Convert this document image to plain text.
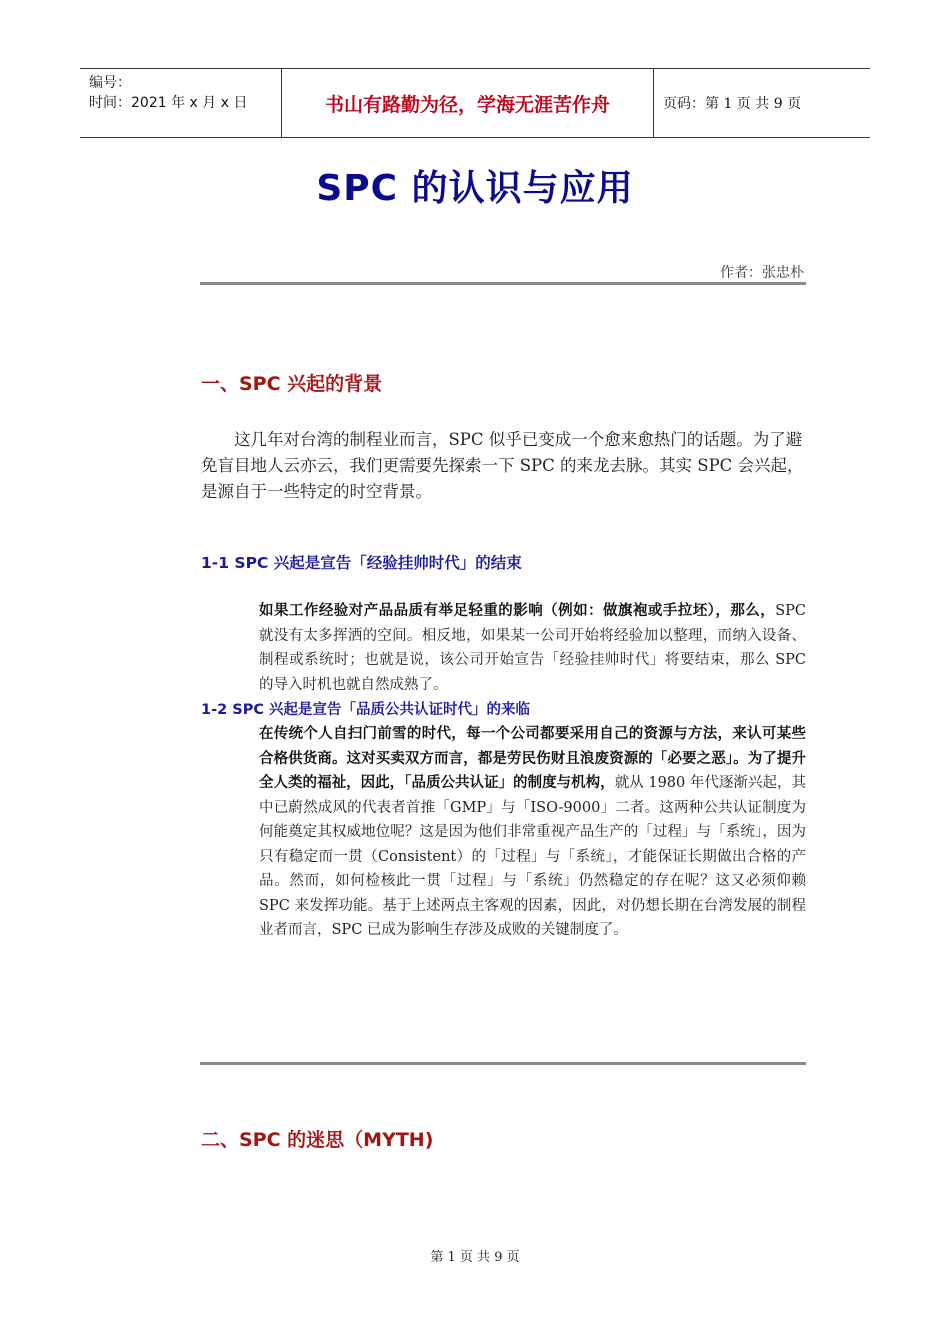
编号：
时间：2021 年 x 月 x 日	书山有路勤为径，学海无涯苦作舟	页码：第 1 页 共 9 页
SPC 的认识与应用
作者：张忠朴
一、SPC 兴起的背景
　　这几年对台湾的制程业而言，SPC 似乎已变成一个愈来愈热门的话题。为了避免盲目地人云亦云，我们更需要先探索一下 SPC 的来龙去脉。其实 SPC 会兴起，是源自于一些特定的时空背景。
1-1 SPC 兴起是宣告「经验挂帅时代」的结束
如果工作经验对产品品质有举足轻重的影响（例如：做旗袍或手拉坯），那么，SPC 就没有太多挥洒的空间。相反地，如果某一公司开始将经验加以整理，而纳入设备、制程或系统时；也就是说，该公司开始宣告「经验挂帅时代」将要结束，那么 SPC 的导入时机也就自然成熟了。
1-2 SPC 兴起是宣告「品质公共认证时代」的来临
在传统个人自扫门前雪的时代，每一个公司都要采用自己的资源与方法，来认可某些合格供货商。这对买卖双方而言，都是劳民伤财且浪废资源的「必要之恶」。为了提升全人类的福祉，因此，「品质公共认证」的制度与机构，就从 1980 年代逐渐兴起，其中已蔚然成风的代表者首推「GMP」与「ISO-9000」二者。这两种公共认证制度为何能奠定其权威地位呢？这是因为他们非常重视产品生产的「过程」与「系统」，因为只有稳定而一贯（Consistent）的「过程」与「系统」，才能保证长期做出合格的产品。然而，如何检核此一贯「过程」与「系统」仍然稳定的存在呢？这又必须仰赖 SPC 来发挥功能。基于上述两点主客观的因素，因此，对仍想长期在台湾发展的制程业者而言，SPC 已成为影响生存涉及成败的关键制度了。
二、SPC 的迷思（MYTH)
第 1 页 共 9 页
